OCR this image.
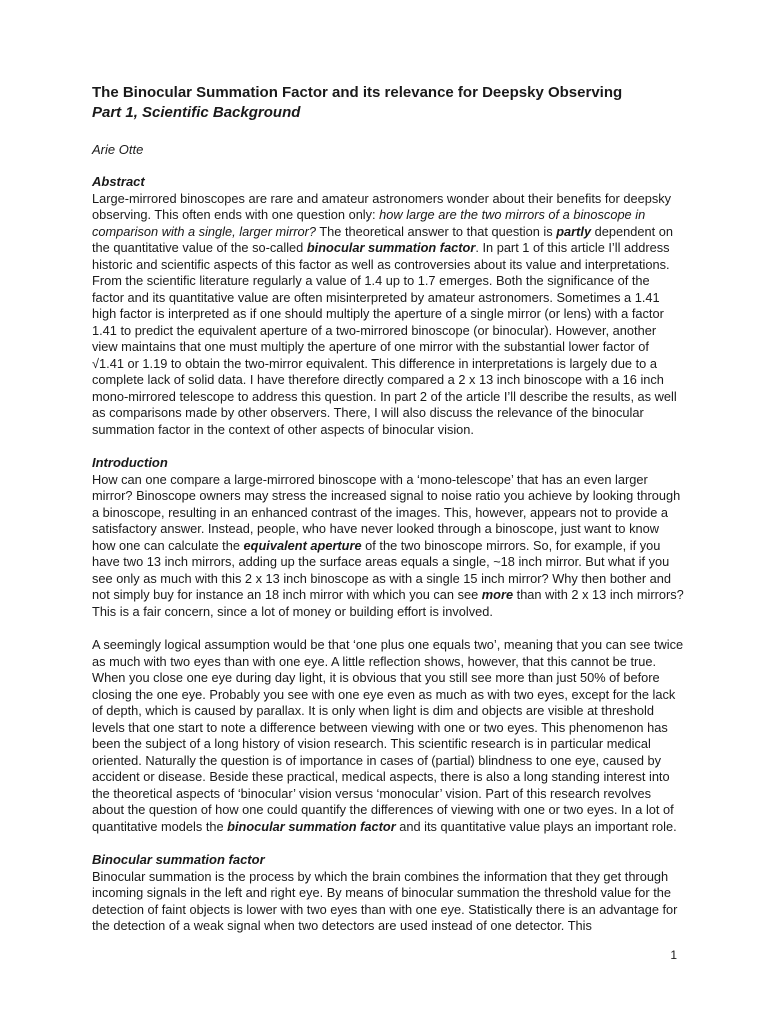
The Binocular Summation Factor and its relevance for Deepsky Observing
Part 1, Scientific Background
Arie Otte
Abstract

Large-mirrored binoscopes are rare and amateur astronomers wonder about their benefits for deepsky observing. This often ends with one question only: how large are the two mirrors of a binoscope in comparison with a single, larger mirror? The theoretical answer to that question is partly dependent on the quantitative value of the so-called binocular summation factor. In part 1 of this article I’ll address historic and scientific aspects of this factor as well as controversies about its value and interpretations. From the scientific literature regularly a value of 1.4 up to 1.7 emerges. Both the significance of the factor and its quantitative value are often misinterpreted by amateur astronomers. Sometimes a 1.41 high factor is interpreted as if one should multiply the aperture of a single mirror (or lens) with a factor 1.41 to predict the equivalent aperture of a two-mirrored binoscope (or binocular). However, another view maintains that one must multiply the aperture of one mirror with the substantial lower factor of √1.41 or 1.19 to obtain the two-mirror equivalent. This difference in interpretations is largely due to a complete lack of solid data. I have therefore directly compared a 2 x 13 inch binoscope with a 16 inch mono-mirrored telescope to address this question. In part 2 of the article I’ll describe the results, as well as comparisons made by other observers. There, I will also discuss the relevance of the binocular summation factor in the context of other aspects of binocular vision.

Introduction

How can one compare a large-mirrored binoscope with a ‘mono-telescope’ that has an even larger mirror? Binoscope owners may stress the increased signal to noise ratio you achieve by looking through a binoscope, resulting in an enhanced contrast of the images. This, however, appears not to provide a satisfactory answer. Instead, people, who have never looked through a binoscope, just want to know how one can calculate the equivalent aperture of the two binoscope mirrors. So, for example, if you have two 13 inch mirrors, adding up the surface areas equals a single, ~18 inch mirror. But what if you see only as much with this 2 x 13 inch binoscope as with a single 15 inch mirror? Why then bother and not simply buy for instance an 18 inch mirror with which you can see more than with 2 x 13 inch mirrors? This is a fair concern, since a lot of money or building effort is involved.

A seemingly logical assumption would be that ‘one plus one equals two’, meaning that you can see twice as much with two eyes than with one eye. A little reflection shows, however, that this cannot be true. When you close one eye during day light, it is obvious that you still see more than just 50% of before closing the one eye. Probably you see with one eye even as much as with two eyes, except for the lack of depth, which is caused by parallax. It is only when light is dim and objects are visible at threshold levels that one start to note a difference between viewing with one or two eyes. This phenomenon has been the subject of a long history of vision research. This scientific research is in particular medical oriented. Naturally the question is of importance in cases of (partial) blindness to one eye, caused by accident or disease. Beside these practical, medical aspects, there is also a long standing interest into the theoretical aspects of ‘binocular’ vision versus ‘monocular’ vision. Part of this research revolves about the question of how one could quantify the differences of viewing with one or two eyes. In a lot of quantitative models the binocular summation factor and its quantitative value plays an important role.

Binocular summation factor

Binocular summation is the process by which the brain combines the information that they get through incoming signals in the left and right eye. By means of binocular summation the threshold value for the detection of faint objects is lower with two eyes than with one eye. Statistically there is an advantage for the detection of a weak signal when two detectors are used instead of one detector. This

1
